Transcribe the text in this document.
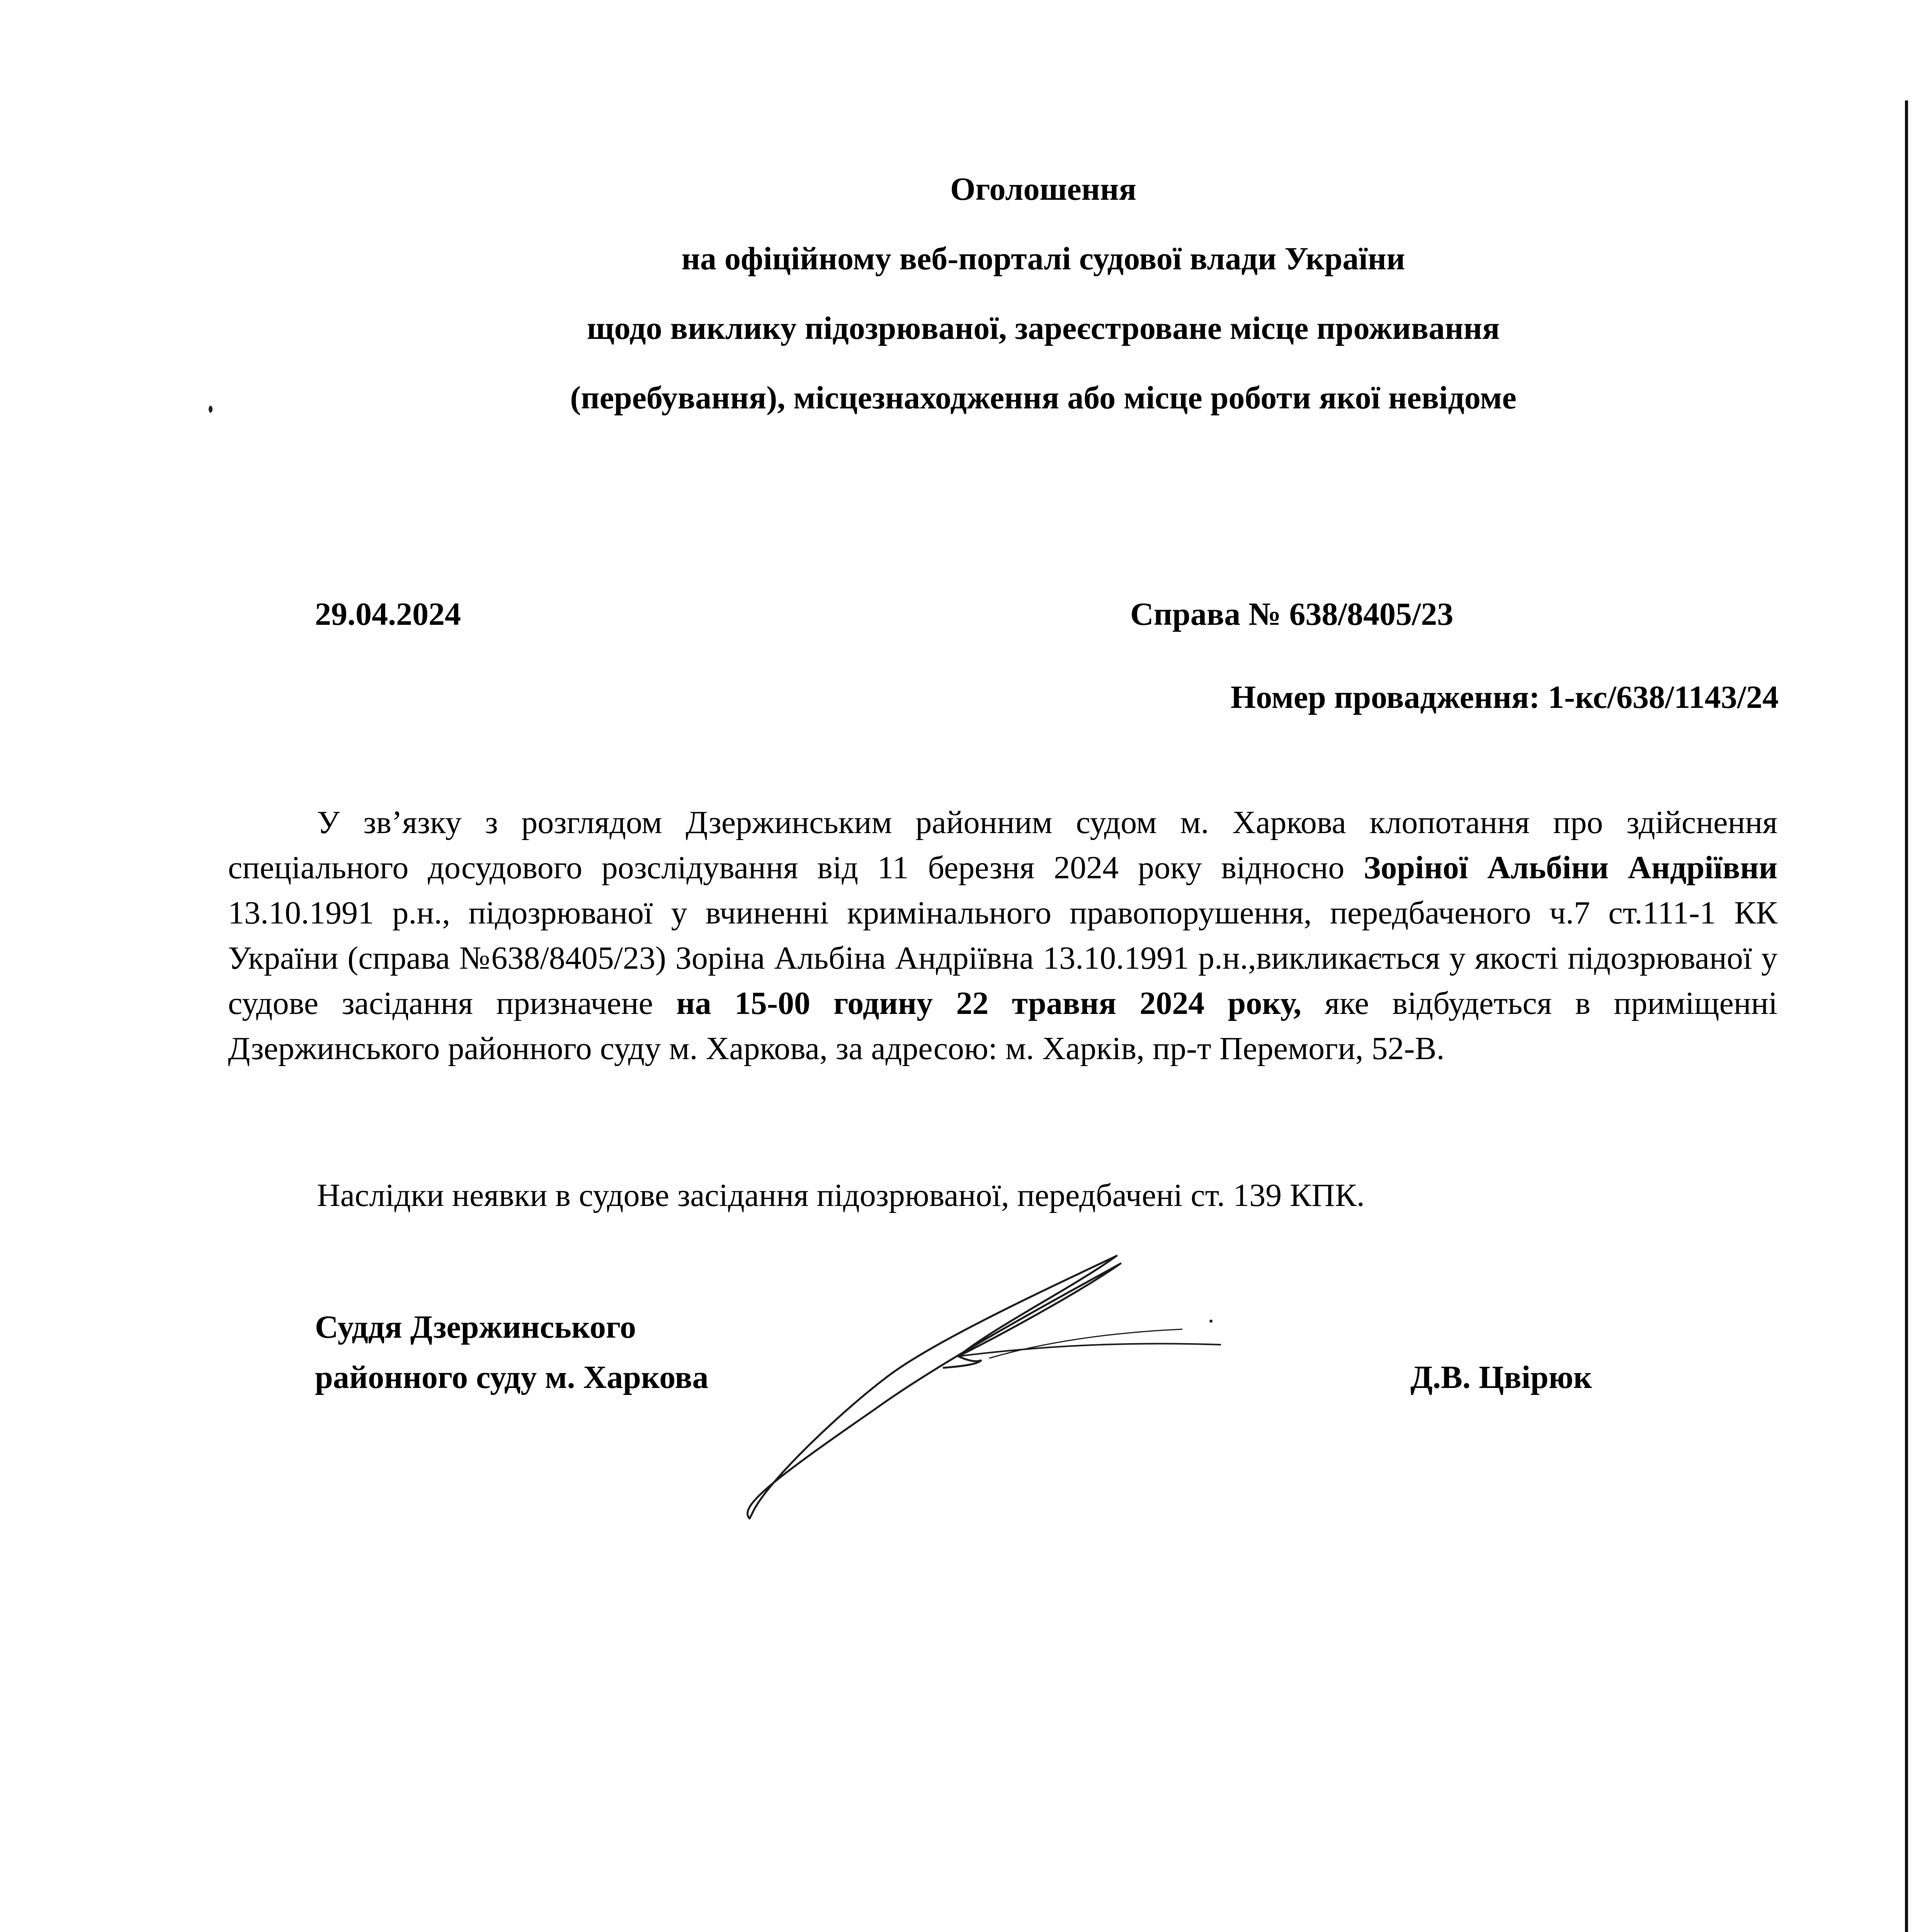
Оголошення
на офіційному веб-порталі судової влади України
щодо виклику підозрюваної, зареєстроване місце проживання
(перебування), місцезнаходження або місце роботи якої невідоме
29.04.2024	Справа № 638/8405/23
Номер провадження: 1-кс/638/1143/24
У зв’язку з розглядом Дзержинським районним судом м. Харкова клопотання про здійснення спеціального досудового розслідування від 11 березня 2024 року відносно Зоріної Альбіни Андріївни 13.10.1991 р.н., підозрюваної у вчиненні кримінального правопорушення, передбаченого ч.7 ст.111-1 КК України (справа №638/8405/23) Зоріна Альбіна Андріївна 13.10.1991 р.н.,викликається у якості підозрюваної у судове засідання призначене на 15-00 годину 22 травня 2024 року, яке відбудеться в приміщенні Дзержинського районного суду м. Харкова, за адресою: м. Харків, пр-т Перемоги, 52-В.
Наслідки неявки в судове засідання підозрюваної, передбачені ст. 139 КПК.
Суддя Дзержинського
районного суду м. Харкова	Д.В. Цвірюк
